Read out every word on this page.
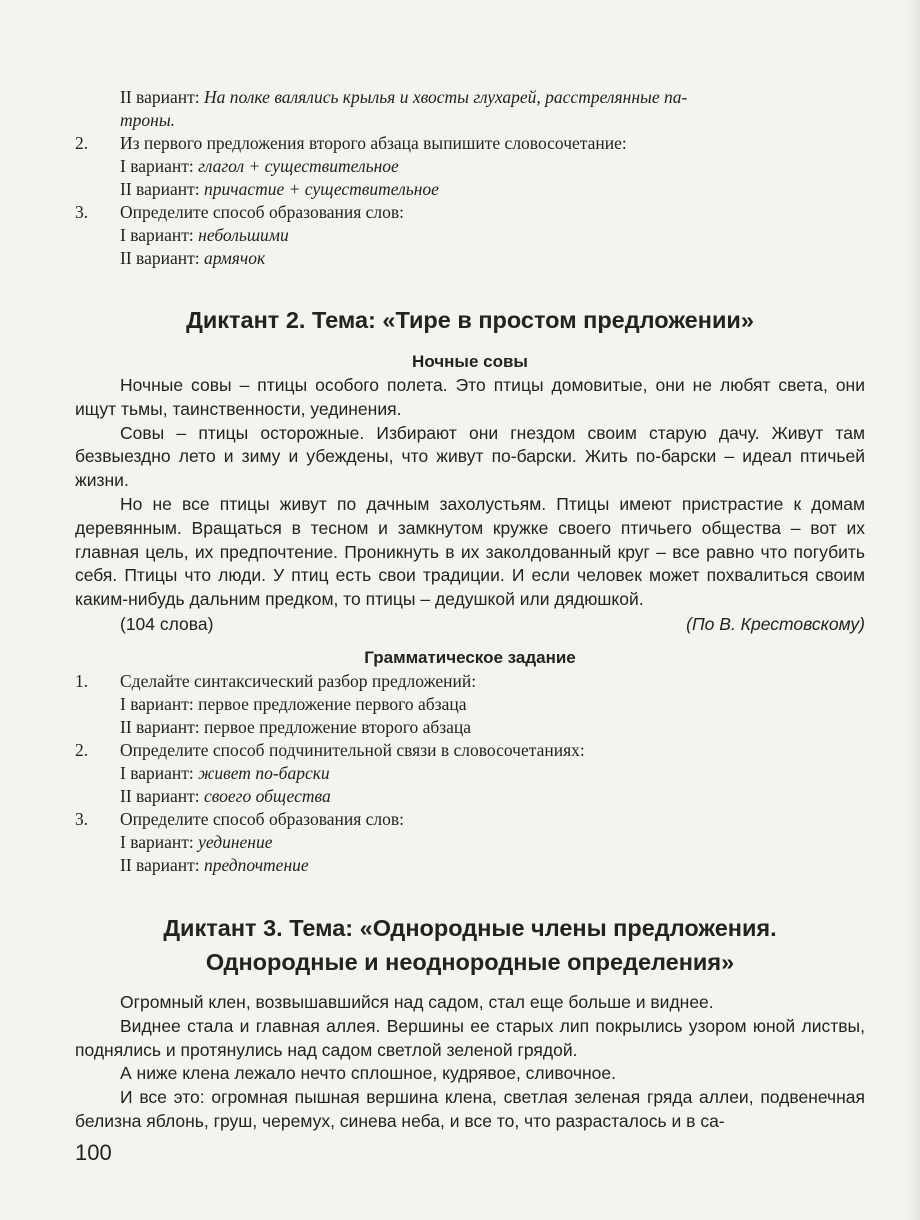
II вариант: На полке валялись крылья и хвосты глухарей, расстрелянные па-
троны.
2.	Из первого предложения второго абзаца выпишите словосочетание:
I вариант: глагол + существительное
II вариант: причастие + существительное
3.	Определите способ образования слов:
I вариант: небольшими
II вариант: армячок
Диктант 2. Тема: «Тире в простом предложении»
Ночные совы

Ночные совы – птицы особого полета. Это птицы домовитые, они не любят света, они ищут тьмы, таинственности, уединения.

Совы – птицы осторожные. Избирают они гнездом своим старую дачу. Живут там безвыездно лето и зиму и убеждены, что живут по-барски. Жить по-барски – идеал птичьей жизни.

Но не все птицы живут по дачным захолустьям. Птицы имеют пристрастие к домам деревянным. Вращаться в тесном и замкнутом кружке своего птичьего общества – вот их главная цель, их предпочтение. Проникнуть в их заколдованный круг – все равно что погубить себя. Птицы что люди. У птиц есть свои традиции. И если человек может похвалиться своим каким-нибудь дальним предком, то птицы – дедушкой или дядюшкой.

(104 слова)	(По В. Крестовскому)
Грамматическое задание
1.	Сделайте синтаксический разбор предложений:
I вариант: первое предложение первого абзаца
II вариант: первое предложение второго абзаца
2.	Определите способ подчинительной связи в словосочетаниях:
I вариант: живет по-барски
II вариант: своего общества
3.	Определите способ образования слов:
I вариант: уединение
II вариант: предпочтение
Диктант 3. Тема: «Однородные члены предложения.
Однородные и неоднородные определения»

Огромный клен, возвышавшийся над садом, стал еще больше и виднее.

Виднее стала и главная аллея. Вершины ее старых лип покрылись узором юной листвы, поднялись и протянулись над садом светлой зеленой грядой.

А ниже клена лежало нечто сплошное, кудрявое, сливочное.

И все это: огромная пышная вершина клена, светлая зеленая гряда аллеи, подвенечная белизна яблонь, груш, черемух, синева неба, и все то, что разрасталось и в са-

100
